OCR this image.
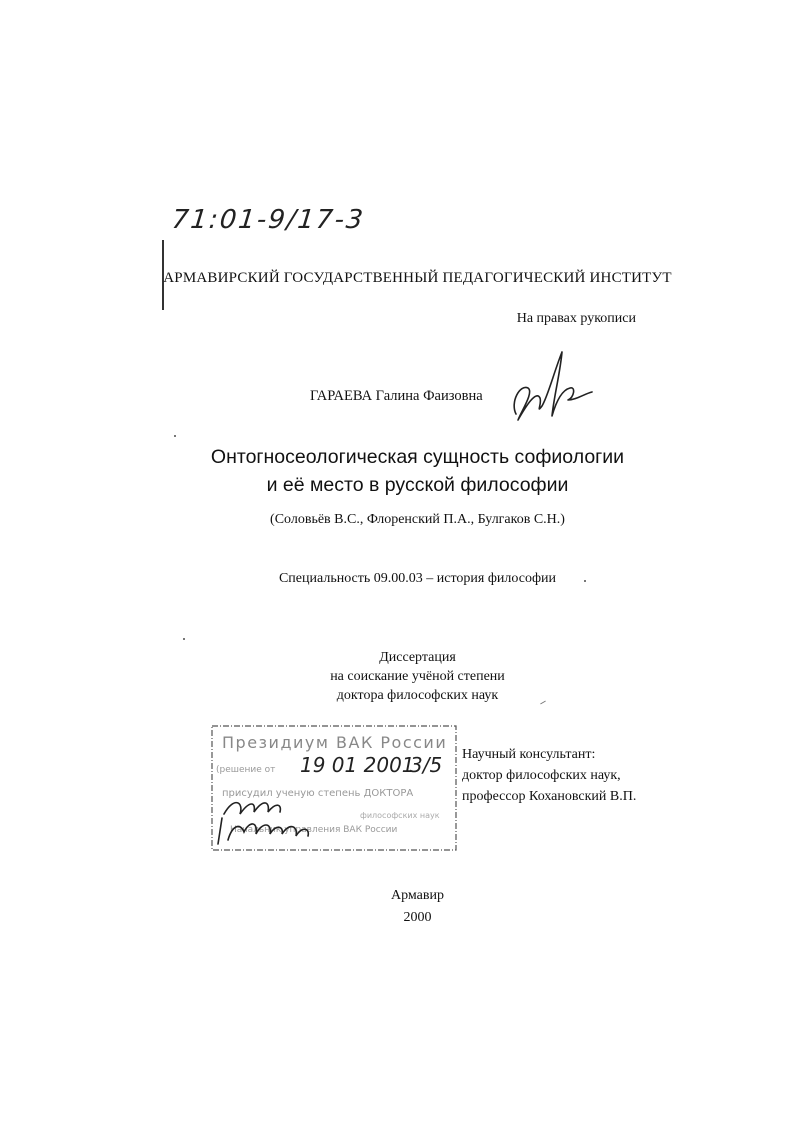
71:01-9/17-3
АРМАВИРСКИЙ ГОСУДАРСТВЕННЫЙ ПЕДАГОГИЧЕСКИЙ ИНСТИТУТ
На правах рукописи
ГАРАЕВА Галина Фаизовна
Онтогносеологическая сущность софиологии
и её место в русской философии
(Соловьёв В.С., Флоренский П.А., Булгаков С.Н.)
Специальность 09.00.03 – история философии
Диссертация
на соискание учёной степени
доктора философских наук
Президиум ВАК России
(решение от 19 01 2001
3/5
присудил ученую степень ДОКТОРА
философских наук
Начальник управления ВАК России
Научный консультант:
доктор философских наук,
профессор Кохановский В.П.
Армавир
2000
